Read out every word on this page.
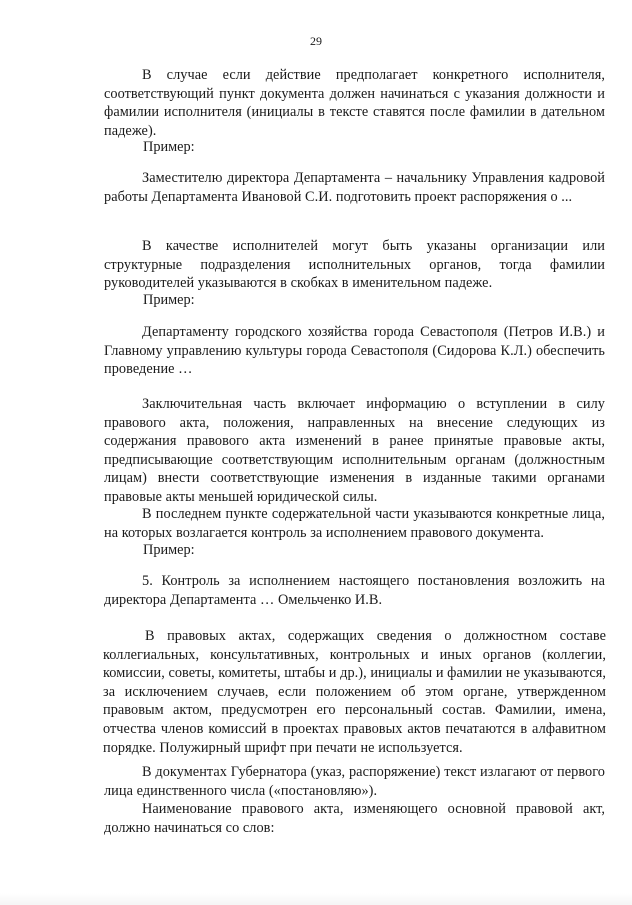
29

В случае если действие предполагает конкретного исполнителя, соответствующий пункт документа должен начинаться с указания должности и фамилии исполнителя (инициалы в тексте ставятся после фамилии в дательном падеже).

Пример:

Заместителю директора Департамента – начальнику Управления кадровой работы Департамента Ивановой С.И. подготовить проект распоряжения о ...

В качестве исполнителей могут быть указаны организации или структурные подразделения исполнительных органов, тогда фамилии руководителей указываются в скобках в именительном падеже.

Пример:

Департаменту городского хозяйства города Севастополя (Петров И.В.) и Главному управлению культуры города Севастополя (Сидорова К.Л.) обеспечить проведение …

Заключительная часть включает информацию о вступлении в силу правового акта, положения, направленных на внесение следующих из содержания правового акта изменений в ранее принятые правовые акты, предписывающие соответствующим исполнительным органам (должностным лицам) внести соответствующие изменения в изданные такими органами правовые акты меньшей юридической силы.

В последнем пункте содержательной части указываются конкретные лица, на которых возлагается контроль за исполнением правового документа.

Пример:

5. Контроль за исполнением настоящего постановления возложить на директора Департамента … Омельченко И.В.

В правовых актах, содержащих сведения о должностном составе коллегиальных, консультативных, контрольных и иных органов (коллегии, комиссии, советы, комитеты, штабы и др.), инициалы и фамилии не указываются, за исключением случаев, если положением об этом органе, утвержденном правовым актом, предусмотрен его персональный состав. Фамилии, имена, отчества членов комиссий в проектах правовых актов печатаются в алфавитном порядке. Полужирный шрифт при печати не используется.

В документах Губернатора (указ, распоряжение) текст излагают от первого лица единственного числа («постановляю»).

Наименование правового акта, изменяющего основной правовой акт, должно начинаться со слов:
